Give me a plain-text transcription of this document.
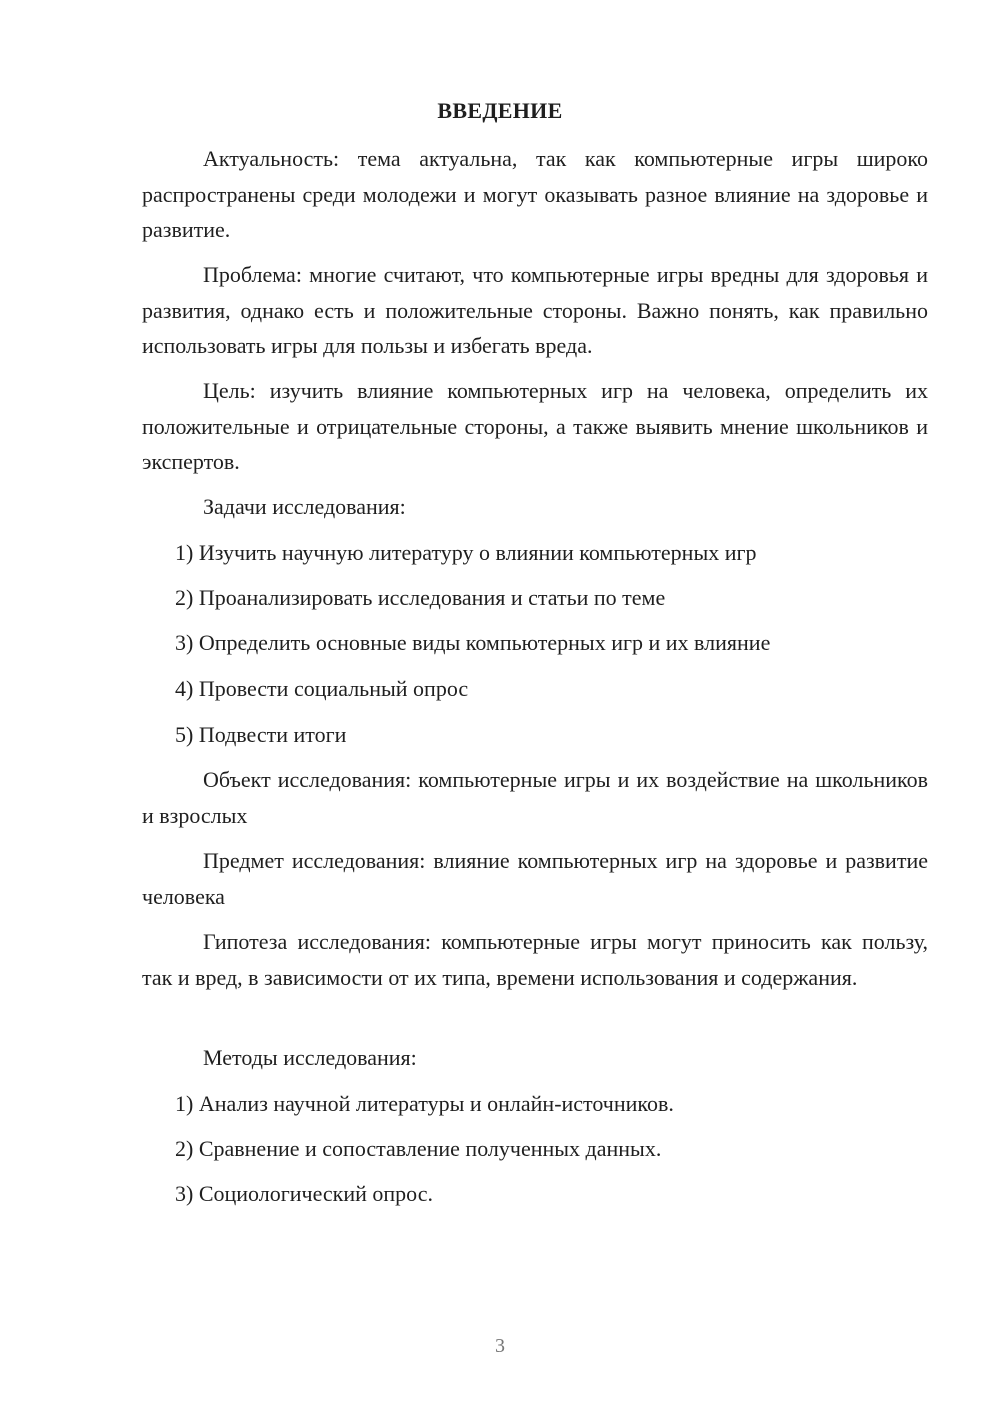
ВВЕДЕНИЕ

Актуальность: тема актуальна, так как компьютерные игры широко распространены среди молодежи и могут оказывать разное влияние на здоровье и развитие.

Проблема: многие считают, что компьютерные игры вредны для здоровья и развития, однако есть и положительные стороны. Важно понять, как правильно использовать игры для пользы и избегать вреда.

Цель: изучить влияние компьютерных игр на человека, определить их положительные и отрицательные стороны, а также выявить мнение школьников и экспертов.

Задачи исследования:

1) Изучить научную литературу о влиянии компьютерных игр

2) Проанализировать исследования и статьи по теме

3) Определить основные виды компьютерных игр и их влияние

4) Провести социальный опрос

5) Подвести итоги

Объект исследования: компьютерные игры и их воздействие на школьников и взрослых

Предмет исследования: влияние компьютерных игр на здоровье и развитие человека

Гипотеза исследования: компьютерные игры могут приносить как пользу, так и вред, в зависимости от их типа, времени использования и содержания.

Методы исследования:

1) Анализ научной литературы и онлайн-источников.

2) Сравнение и сопоставление полученных данных.

3) Социологический опрос.

3
